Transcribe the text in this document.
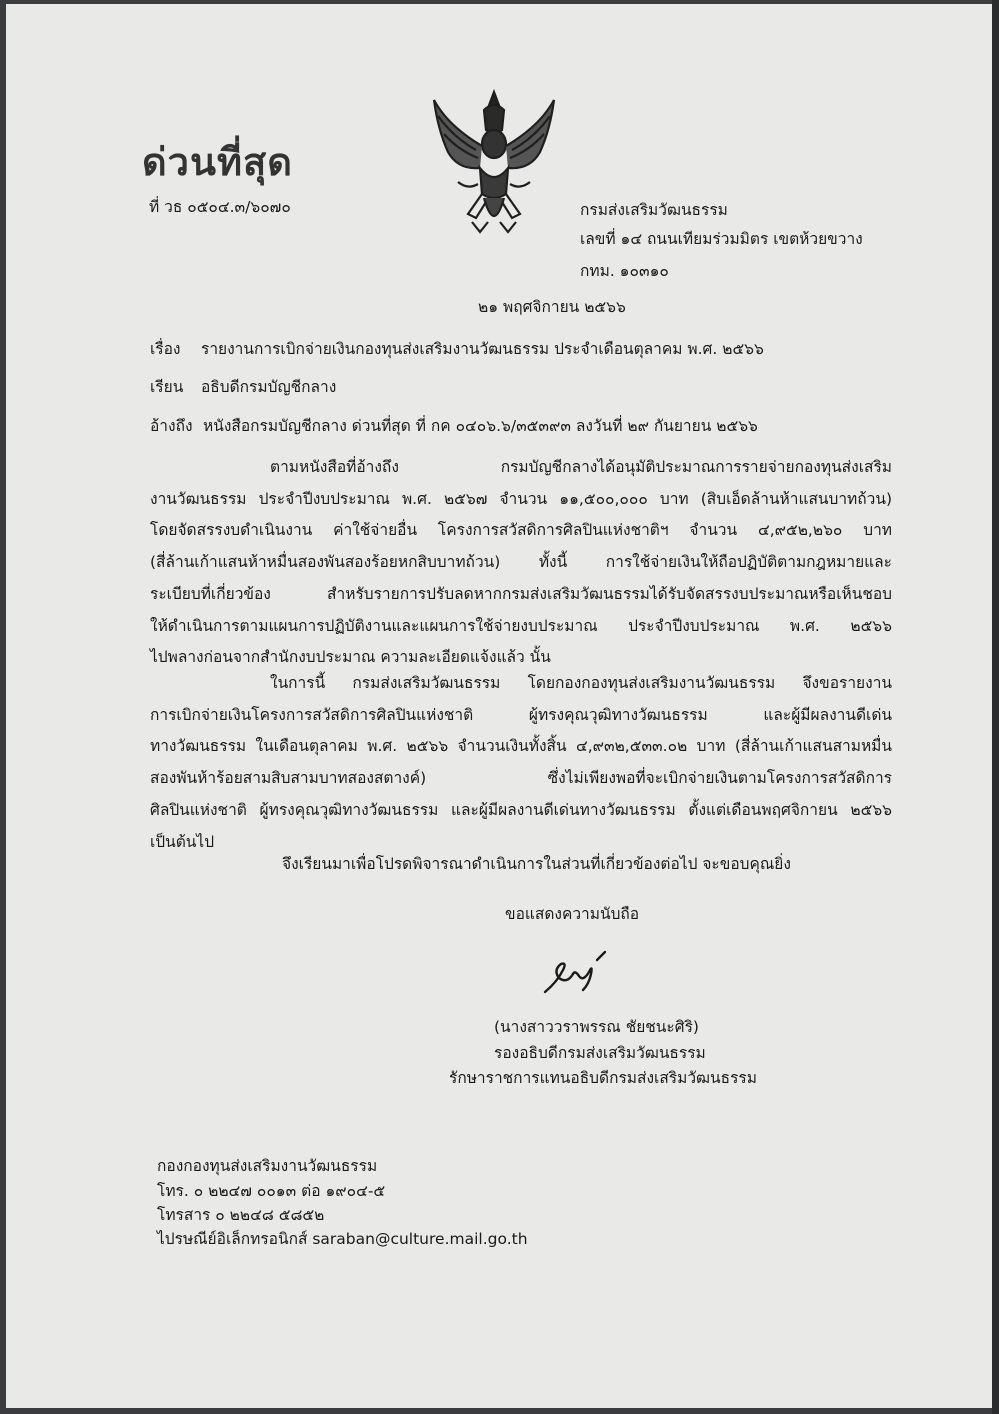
ด่วนที่สุด
ที่ วธ ๐๕๐๔.๓/๖๐๗๐	กรมส่งเสริมวัฒนธรรม
เลขที่ ๑๔ ถนนเทียมร่วมมิตร เขตห้วยขวาง
กทม. ๑๐๓๑๐
๒๑ พฤศจิกายน ๒๕๖๖
เรื่อง รายงานการเบิกจ่ายเงินกองทุนส่งเสริมงานวัฒนธรรม ประจำเดือนตุลาคม พ.ศ. ๒๕๖๖
เรียน อธิบดีกรมบัญชีกลาง
อ้างถึง หนังสือกรมบัญชีกลาง ด่วนที่สุด ที่ กค ๐๔๐๖.๖/๓๕๓๙๓ ลงวันที่ ๒๙ กันยายน ๒๕๖๖
ตามหนังสือที่อ้างถึง กรมบัญชีกลางได้อนุมัติประมาณการรายจ่ายกองทุนส่งเสริม
งานวัฒนธรรม ประจำปีงบประมาณ พ.ศ. ๒๕๖๗ จำนวน ๑๑,๕๐๐,๐๐๐ บาท (สิบเอ็ดล้านห้าแสนบาทถ้วน)
โดยจัดสรรงบดำเนินงาน ค่าใช้จ่ายอื่น โครงการสวัสดิการศิลปินแห่งชาติฯ จำนวน ๔,๙๕๒,๒๖๐ บาท
(สี่ล้านเก้าแสนห้าหมื่นสองพันสองร้อยหกสิบบาทถ้วน) ทั้งนี้ การใช้จ่ายเงินให้ถือปฏิบัติตามกฎหมายและ
ระเบียบที่เกี่ยวข้อง สำหรับรายการปรับลดหากกรมส่งเสริมวัฒนธรรมได้รับจัดสรรงบประมาณหรือเห็นชอบ
ให้ดำเนินการตามแผนการปฏิบัติงานและแผนการใช้จ่ายงบประมาณ ประจำปีงบประมาณ พ.ศ. ๒๕๖๖
ไปพลางก่อนจากสำนักงบประมาณ ความละเอียดแจ้งแล้ว นั้น
ในการนี้ กรมส่งเสริมวัฒนธรรม โดยกองกองทุนส่งเสริมงานวัฒนธรรม จึงขอรายงาน
การเบิกจ่ายเงินโครงการสวัสดิการศิลปินแห่งชาติ ผู้ทรงคุณวุฒิทางวัฒนธรรม และผู้มีผลงานดีเด่น
ทางวัฒนธรรม ในเดือนตุลาคม พ.ศ. ๒๕๖๖ จำนวนเงินทั้งสิ้น ๔,๙๓๒,๕๓๓.๐๒ บาท (สี่ล้านเก้าแสนสามหมื่น
สองพันห้าร้อยสามสิบสามบาทสองสตางค์) ซึ่งไม่เพียงพอที่จะเบิกจ่ายเงินตามโครงการสวัสดิการ
ศิลปินแห่งชาติ ผู้ทรงคุณวุฒิทางวัฒนธรรม และผู้มีผลงานดีเด่นทางวัฒนธรรม ตั้งแต่เดือนพฤศจิกายน ๒๕๖๖
เป็นต้นไป
จึงเรียนมาเพื่อโปรดพิจารณาดำเนินการในส่วนที่เกี่ยวข้องต่อไป จะขอบคุณยิ่ง
ขอแสดงความนับถือ
(นางสาววราพรรณ ชัยชนะศิริ)
รองอธิบดีกรมส่งเสริมวัฒนธรรม
รักษาราชการแทนอธิบดีกรมส่งเสริมวัฒนธรรม
กองกองทุนส่งเสริมงานวัฒนธรรม
โทร. ๐ ๒๒๔๗ ๐๐๑๓ ต่อ ๑๙๐๔-๕
โทรสาร ๐ ๒๒๔๘ ๕๘๕๒
ไปรษณีย์อิเล็กทรอนิกส์ saraban@culture.mail.go.th
